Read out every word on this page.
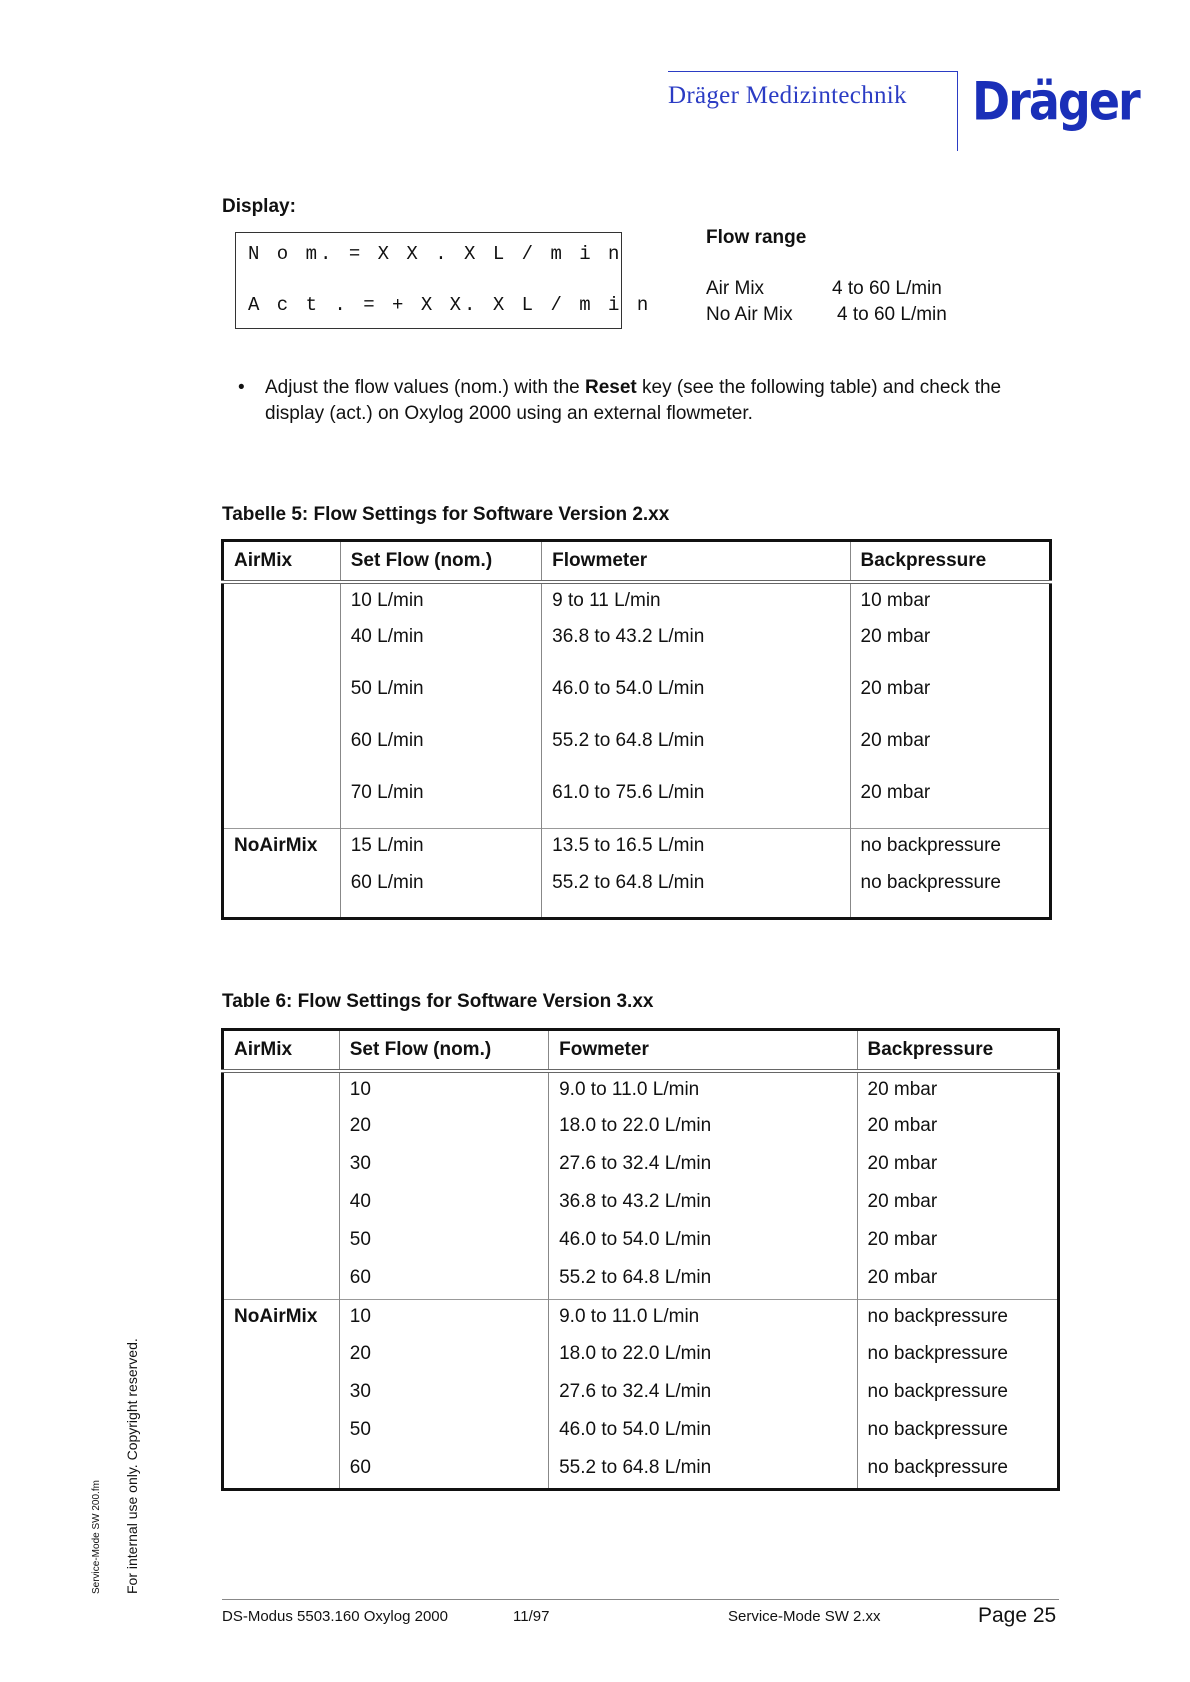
Dräger Medizintechnik Dräger
Display:
N o m. = X X . X L / m i n
A c t . = + X X. X L / m i n
Flow range
Air Mix	4 to 60 L/min
No Air Mix 4 to 60 L/min
• Adjust the flow values (nom.) with the Reset key (see the following table) and check the
display (act.) on Oxylog 2000 using an external flowmeter.
Tabelle 5: Flow Settings for Software Version 2.xx
AirMix	Set Flow (nom.)	Flowmeter	Backpressure
	10 L/min	9 to 11 L/min	10 mbar
	40 L/min	36.8 to 43.2 L/min	20 mbar
	50 L/min	46.0 to 54.0 L/min	20 mbar
	60 L/min	55.2 to 64.8 L/min	20 mbar
	70 L/min	61.0 to 75.6 L/min	20 mbar
NoAirMix	15 L/min	13.5 to 16.5 L/min	no backpressure
	60 L/min	55.2 to 64.8 L/min	no backpressure
Table 6: Flow Settings for Software Version 3.xx
AirMix	Set Flow (nom.)	Fowmeter	Backpressure
	10	9.0 to 11.0 L/min	20 mbar
	20	18.0 to 22.0 L/min	20 mbar
	30	27.6 to 32.4 L/min	20 mbar
	40	36.8 to 43.2 L/min	20 mbar
	50	46.0 to 54.0 L/min	20 mbar
	60	55.2 to 64.8 L/min	20 mbar
NoAirMix	10	9.0 to 11.0 L/min	no backpressure
	20	18.0 to 22.0 L/min	no backpressure
	30	27.6 to 32.4 L/min	no backpressure
	50	46.0 to 54.0 L/min	no backpressure
	60	55.2 to 64.8 L/min	no backpressure
DS-Modus 5503.160 Oxylog 2000	11/97	Service-Mode SW 2.xx	Page 25
For internal use only. Copyright reserved.
Service-Mode SW 200.fm
